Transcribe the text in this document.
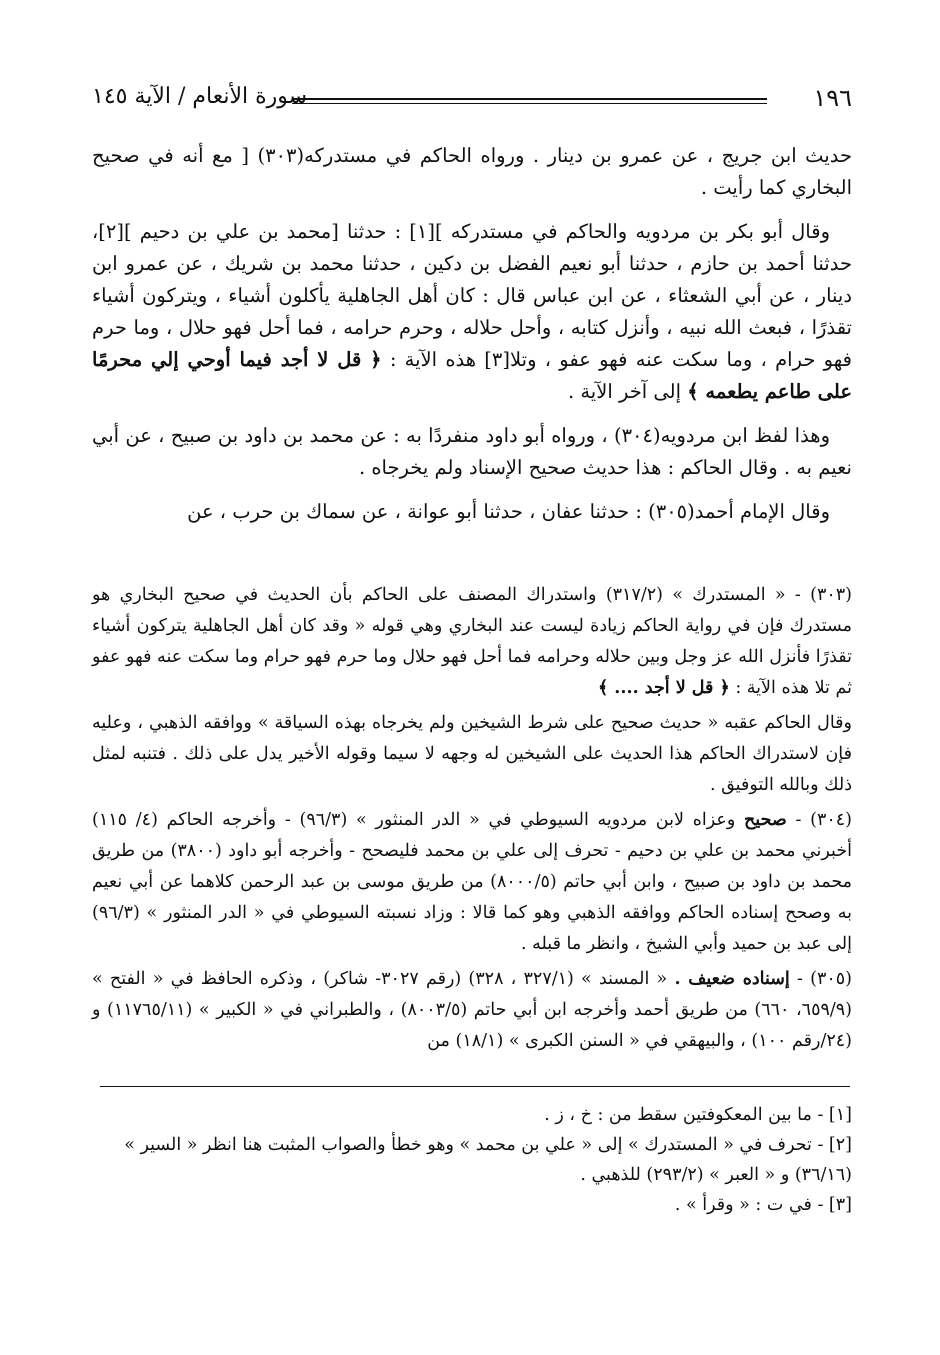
١٩٦
سورة الأنعام / الآية ١٤٥

حديث ابن جريج ، عن عمرو بن دينار . ورواه الحاكم في مستدركه(٣٠٣) [ مع أنه في صحيح البخاري كما رأيت .

وقال أبو بكر بن مردويه والحاكم في مستدركه ][١] : حدثنا [محمد بن علي بن دحيم ][٢]، حدثنا أحمد بن حازم ، حدثنا أبو نعيم الفضل بن دكين ، حدثنا محمد بن شريك ، عن عمرو ابن دينار ، عن أبي الشعثاء ، عن ابن عباس قال : كان أهل الجاهلية يأكلون أشياء ، ويتركون أشياء تقذرًا ، فبعث الله نبيه ، وأنزل كتابه ، وأحل حلاله ، وحرم حرامه ، فما أحل فهو حلال ، وما حرم فهو حرام ، وما سكت عنه فهو عفو ، وتلا[٣] هذه الآية : ﴿ قل لا أجد فيما أوحي إلي محرمًا على طاعم يطعمه ﴾ إلى آخر الآية .

وهذا لفظ ابن مردويه(٣٠٤) ، ورواه أبو داود منفردًا به : عن محمد بن داود بن صبيح ، عن أبي نعيم به . وقال الحاكم : هذا حديث صحيح الإسناد ولم يخرجاه .

وقال الإمام أحمد(٣٠٥) : حدثنا عفان ، حدثنا أبو عوانة ، عن سماك بن حرب ، عن

(٣٠٣) - « المستدرك » (٣١٧/٢) واستدراك المصنف على الحاكم بأن الحديث في صحيح البخاري هو مستدرك فإن في رواية الحاكم زيادة ليست عند البخاري وهي قوله « وقد كان أهل الجاهلية يتركون أشياء تقذرًا فأنزل الله عز وجل وبين حلاله وحرامه فما أحل فهو حلال وما حرم فهو حرام وما سكت عنه فهو عفو ثم تلا هذه الآية : ﴿ قل لا أجد .... ﴾

وقال الحاكم عقبه « حديث صحيح على شرط الشيخين ولم يخرجاه بهذه السياقة » ووافقه الذهبي ، وعليه فإن لاستدراك الحاكم هذا الحديث على الشيخين له وجهه لا سيما وقوله الأخير يدل على ذلك . فتنبه لمثل ذلك وبالله التوفيق .

(٣٠٤) - صحيح وعزاه لابن مردويه السيوطي في « الدر المنثور » (٩٦/٣) - وأخرجه الحاكم (٤/ ١١٥) أخبرني محمد بن علي بن دحيم - تحرف إلى علي بن محمد فليصحح - وأخرجه أبو داود (٣٨٠٠) من طريق محمد بن داود بن صبيح ، وابن أبي حاتم (٨٠٠٠/٥) من طريق موسى بن عبد الرحمن كلاهما عن أبي نعيم به وصحح إسناده الحاكم ووافقه الذهبي وهو كما قالا : وزاد نسبته السيوطي في « الدر المنثور » (٩٦/٣) إلى عبد بن حميد وأبي الشيخ ، وانظر ما قبله .

(٣٠٥) - إسناده ضعيف . « المسند » (٣٢٧/١ ، ٣٢٨) (رقم ٣٠٢٧- شاكر) ، وذكره الحافظ في « الفتح » (٦٥٩/٩، ٦٦٠) من طريق أحمد وأخرجه ابن أبي حاتم (٨٠٠٣/٥) ، والطبراني في « الكبير » (١١٧٦٥/١١) و (٢٤/رقم ١٠٠) ، والبيهقي في « السنن الكبرى » (١٨/١) من

[١] - ما بين المعكوفتين سقط من : خ ، ز .

[٢] - تحرف في « المستدرك » إلى « علي بن محمد » وهو خطأ والصواب المثبت هنا انظر « السير » (٣٦/١٦) و « العبر » (٢٩٣/٢) للذهبي .

[٣] - في ت : « وقرأ » .
